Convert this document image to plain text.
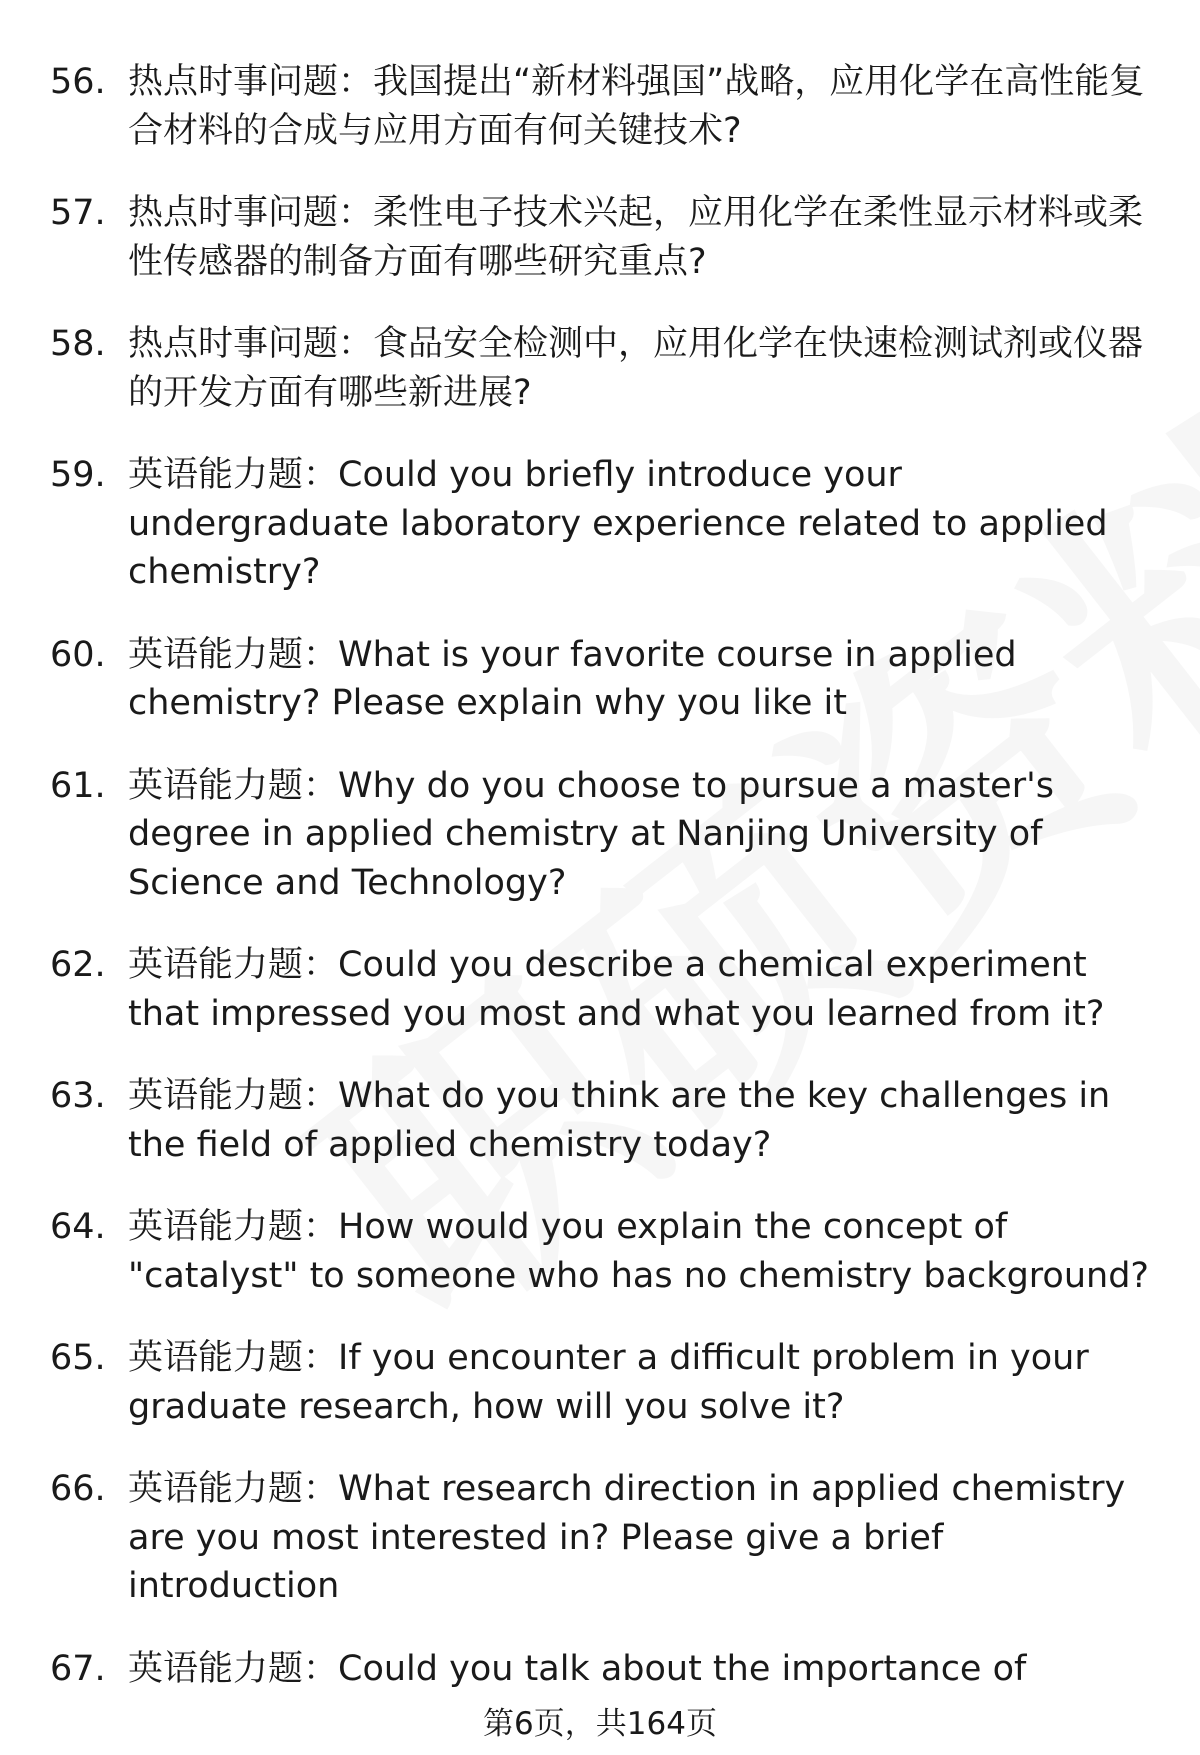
56. 热点时事问题：我国提出“新材料强国”战略，应用化学在高性能复合材料的合成与应用方面有何关键技术?
57. 热点时事问题：柔性电子技术兴起，应用化学在柔性显示材料或柔性传感器的制备方面有哪些研究重点?
58. 热点时事问题：食品安全检测中，应用化学在快速检测试剂或仪器的开发方面有哪些新进展?
59. 英语能力题：Could you briefly introduce your undergraduate laboratory experience related to applied chemistry?
60. 英语能力题：What is your favorite course in applied chemistry? Please explain why you like it
61. 英语能力题：Why do you choose to pursue a master's degree in applied chemistry at Nanjing University of Science and Technology?
62. 英语能力题：Could you describe a chemical experiment that impressed you most and what you learned from it?
63. 英语能力题：What do you think are the key challenges in the field of applied chemistry today?
64. 英语能力题：How would you explain the concept of "catalyst" to someone who has no chemistry background?
65. 英语能力题：If you encounter a difficult problem in your graduate research, how will you solve it?
66. 英语能力题：What research direction in applied chemistry are you most interested in? Please give a brief introduction
67. 英语能力题：Could you talk about the importance of
第6页，共164页
